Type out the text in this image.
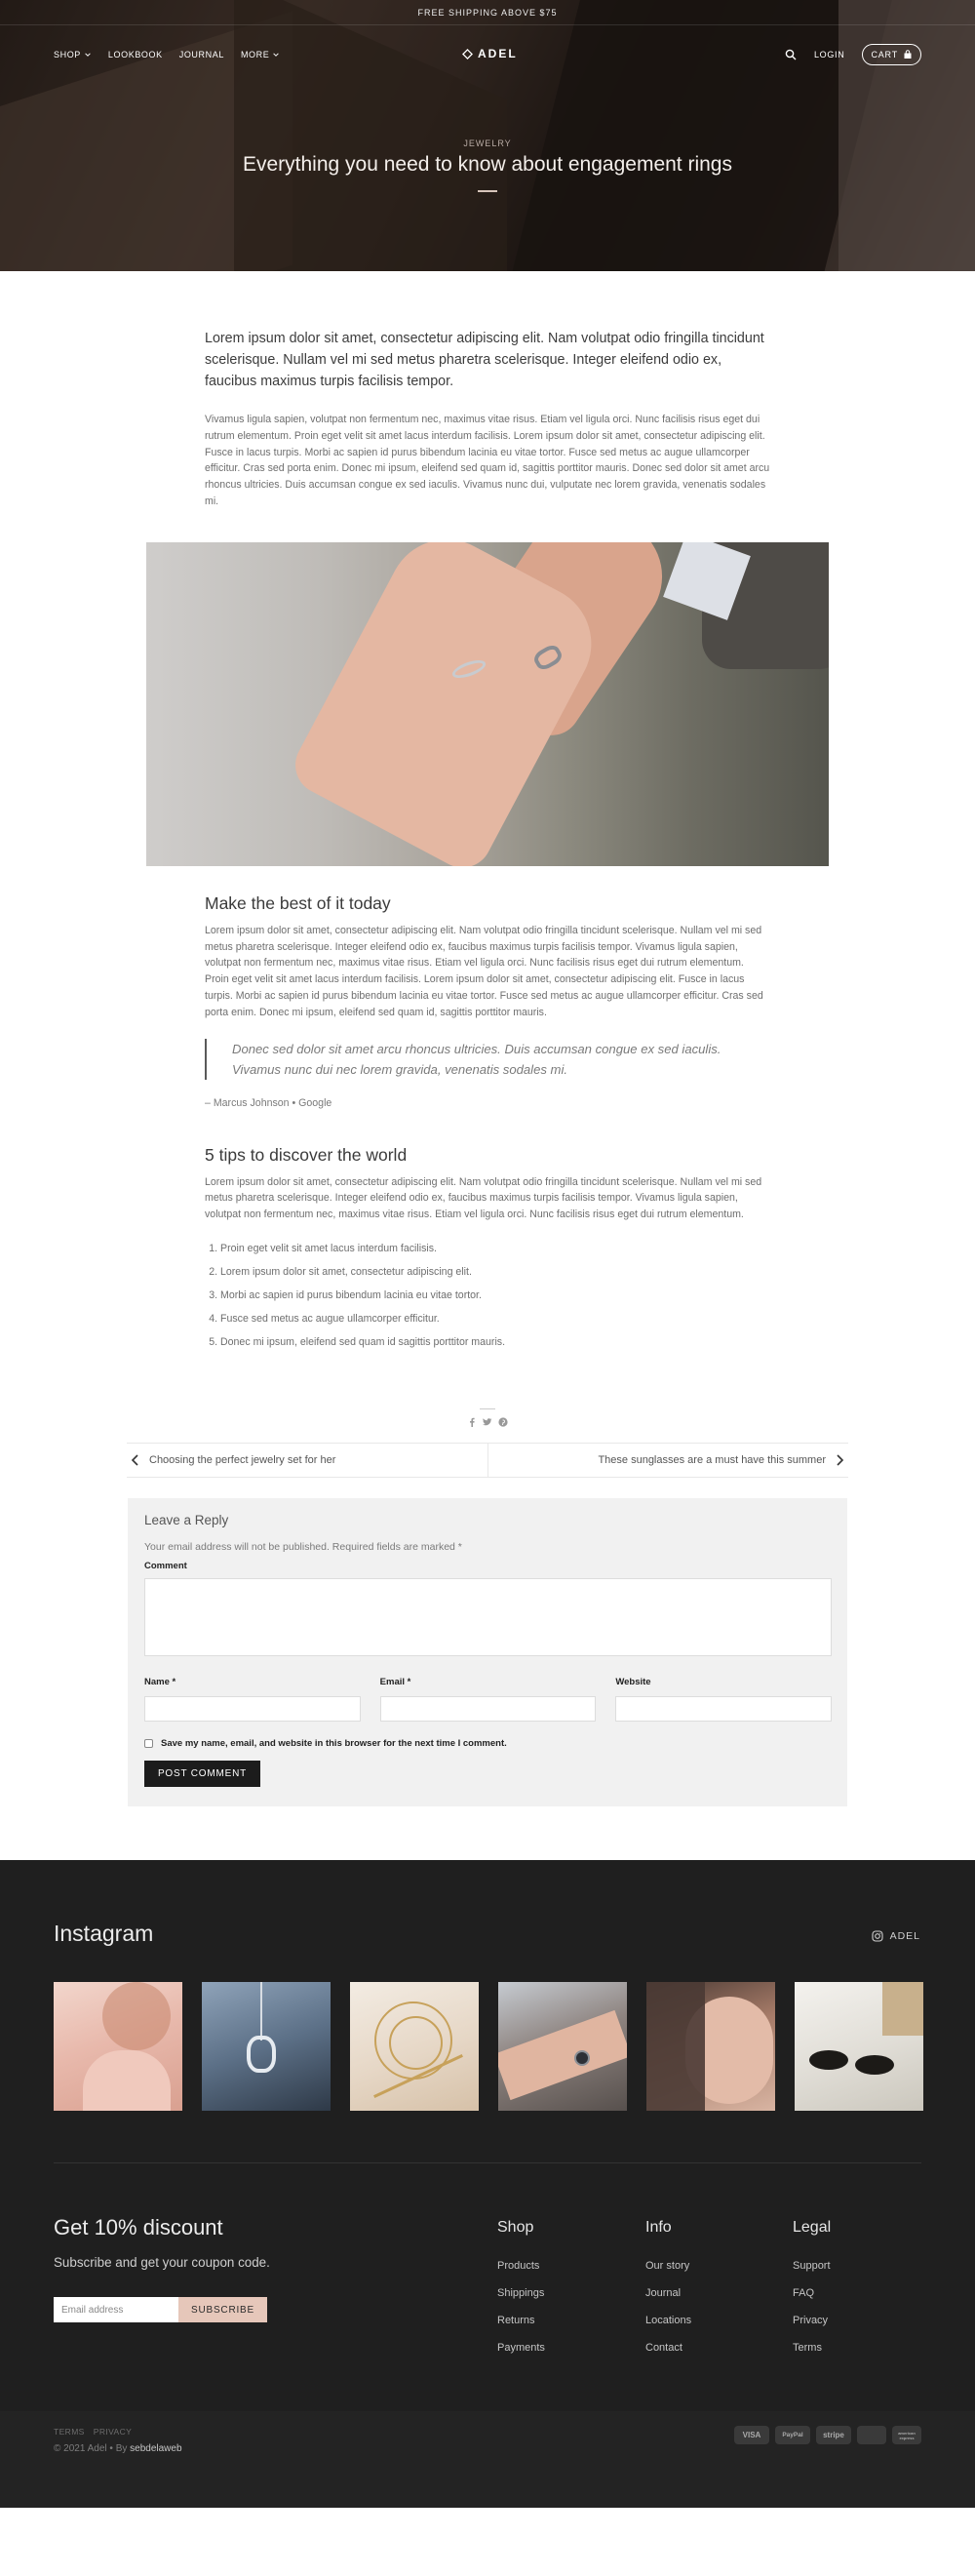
FREE SHIPPING ABOVE $75
SHOP	LOOKBOOK JOURNAL MORE	ADEL	LOGIN	CART
JEWELRY
Everything you need to know about engagement rings

Lorem ipsum dolor sit amet, consectetur adipiscing elit. Nam volutpat odio fringilla tincidunt scelerisque. Nullam vel mi sed metus pharetra scelerisque. Integer eleifend odio ex, faucibus maximus turpis facilisis tempor.

Vivamus ligula sapien, volutpat non fermentum nec, maximus vitae risus. Etiam vel ligula orci. Nunc facilisis risus eget dui rutrum elementum. Proin eget velit sit amet lacus interdum facilisis. Lorem ipsum dolor sit amet, consectetur adipiscing elit. Fusce in lacus turpis. Morbi ac sapien id purus bibendum lacinia eu vitae tortor. Fusce sed metus ac augue ullamcorper efficitur. Cras sed porta enim. Donec mi ipsum, eleifend sed quam id, sagittis porttitor mauris. Donec sed dolor sit amet arcu rhoncus ultricies. Duis accumsan congue ex sed iaculis. Vivamus nunc dui, vulputate nec lorem gravida, venenatis sodales mi.

Make the best of it today

Lorem ipsum dolor sit amet, consectetur adipiscing elit. Nam volutpat odio fringilla tincidunt scelerisque. Nullam vel mi sed metus pharetra scelerisque. Integer eleifend odio ex, faucibus maximus turpis facilisis tempor. Vivamus ligula sapien, volutpat non fermentum nec, maximus vitae risus. Etiam vel ligula orci. Nunc facilisis risus eget dui rutrum elementum. Proin eget velit sit amet lacus interdum facilisis. Lorem ipsum dolor sit amet, consectetur adipiscing elit. Fusce in lacus turpis. Morbi ac sapien id purus bibendum lacinia eu vitae tortor. Fusce sed metus ac augue ullamcorper efficitur. Cras sed porta enim. Donec mi ipsum, eleifend sed quam id, sagittis porttitor mauris.

Donec sed dolor sit amet arcu rhoncus ultricies. Duis accumsan congue ex sed iaculis. Vivamus nunc dui nec lorem gravida, venenatis sodales mi.

– Marcus Johnson • Google

5 tips to discover the world

Lorem ipsum dolor sit amet, consectetur adipiscing elit. Nam volutpat odio fringilla tincidunt scelerisque. Nullam vel mi sed metus pharetra scelerisque. Integer eleifend odio ex, faucibus maximus turpis facilisis tempor. Vivamus ligula sapien, volutpat non fermentum nec, maximus vitae risus. Etiam vel ligula orci. Nunc facilisis risus eget dui rutrum elementum.

1. Proin eget velit sit amet lacus interdum facilisis.
2. Lorem ipsum dolor sit amet, consectetur adipiscing elit.
3. Morbi ac sapien id purus bibendum lacinia eu vitae tortor.
4. Fusce sed metus ac augue ullamcorper efficitur.
5. Donec mi ipsum, eleifend sed quam id sagittis porttitor mauris.
Choosing the perfect jewelry set for her	These sunglasses are a must have this summer
Leave a Reply

Your email address will not be published. Required fields are marked *

Comment
Name *	Email *	Website
Save my name, email, and website in this browser for the next time I comment.
POST COMMENT
Instagram	ADEL
Get 10% discount

Subscribe and get your coupon code.

Email address	SUBSCRIBE
Shop
Products
Shippings
Returns
Payments
Info
Our story
Journal
Locations
Contact
Legal
Support
FAQ
Privacy
Terms
TERMS PRIVACY
© 2021 Adel • By sebdelaweb
VISA	PayPal	stripe	american express
